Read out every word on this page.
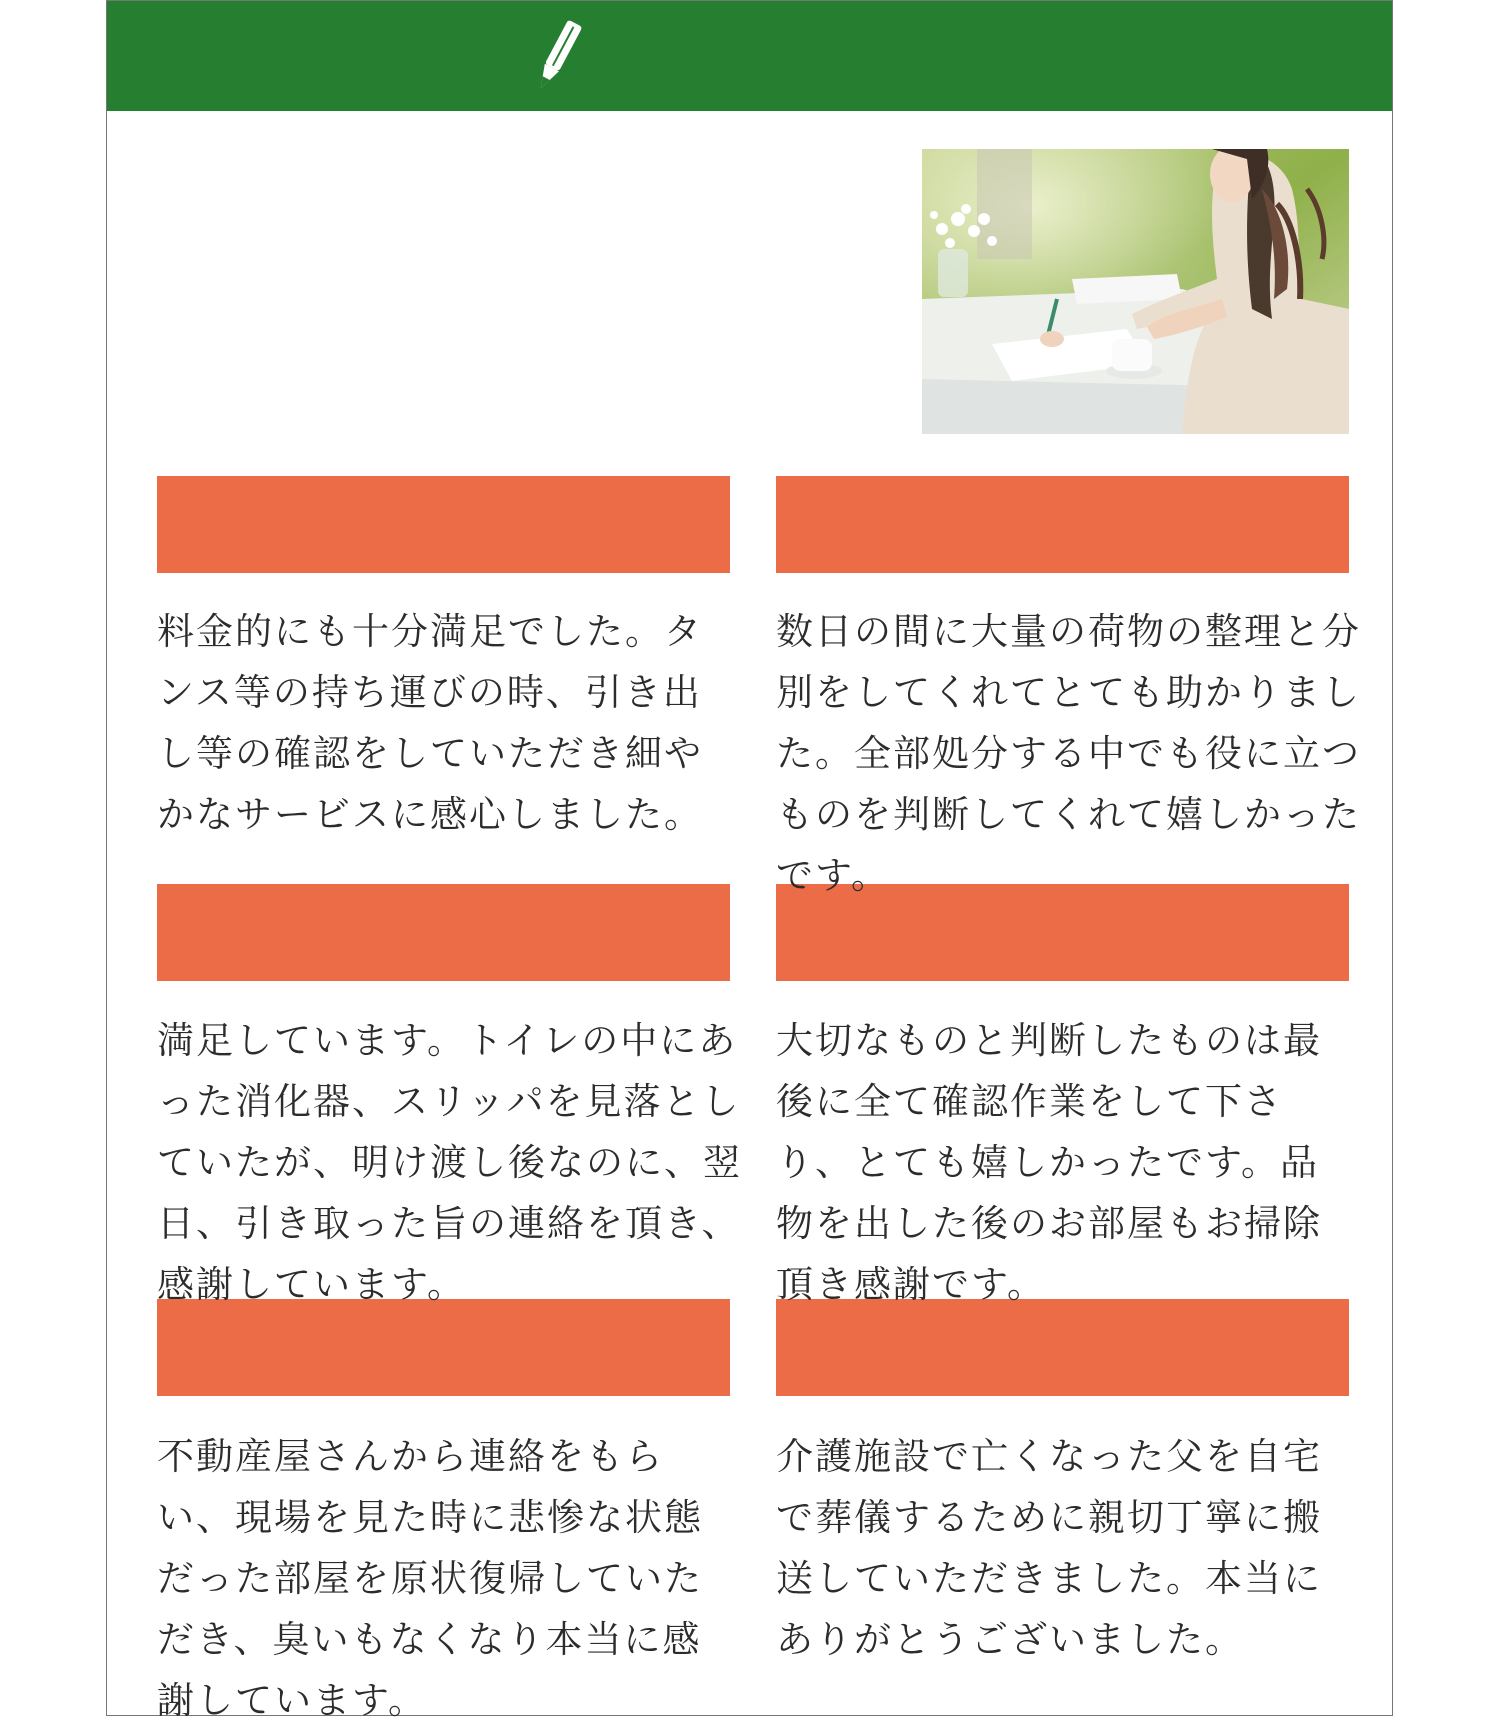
料金的にも十分満足でした。タンス等の持ち運びの時、引き出し等の確認をしていただき細やかなサービスに感心しました。

数日の間に大量の荷物の整理と分別をしてくれてとても助かりました。全部処分する中でも役に立つものを判断してくれて嬉しかったです。

満足しています。トイレの中にあった消化器、スリッパを見落としていたが、明け渡し後なのに、翌日、引き取った旨の連絡を頂き、感謝しています。

大切なものと判断したものは最後に全て確認作業をして下さり、とても嬉しかったです。品物を出した後のお部屋もお掃除頂き感謝です。

不動産屋さんから連絡をもらい、現場を見た時に悲惨な状態だった部屋を原状復帰していただき、臭いもなくなり本当に感謝しています。

介護施設で亡くなった父を自宅で葬儀するために親切丁寧に搬送していただきました。本当にありがとうございました。
